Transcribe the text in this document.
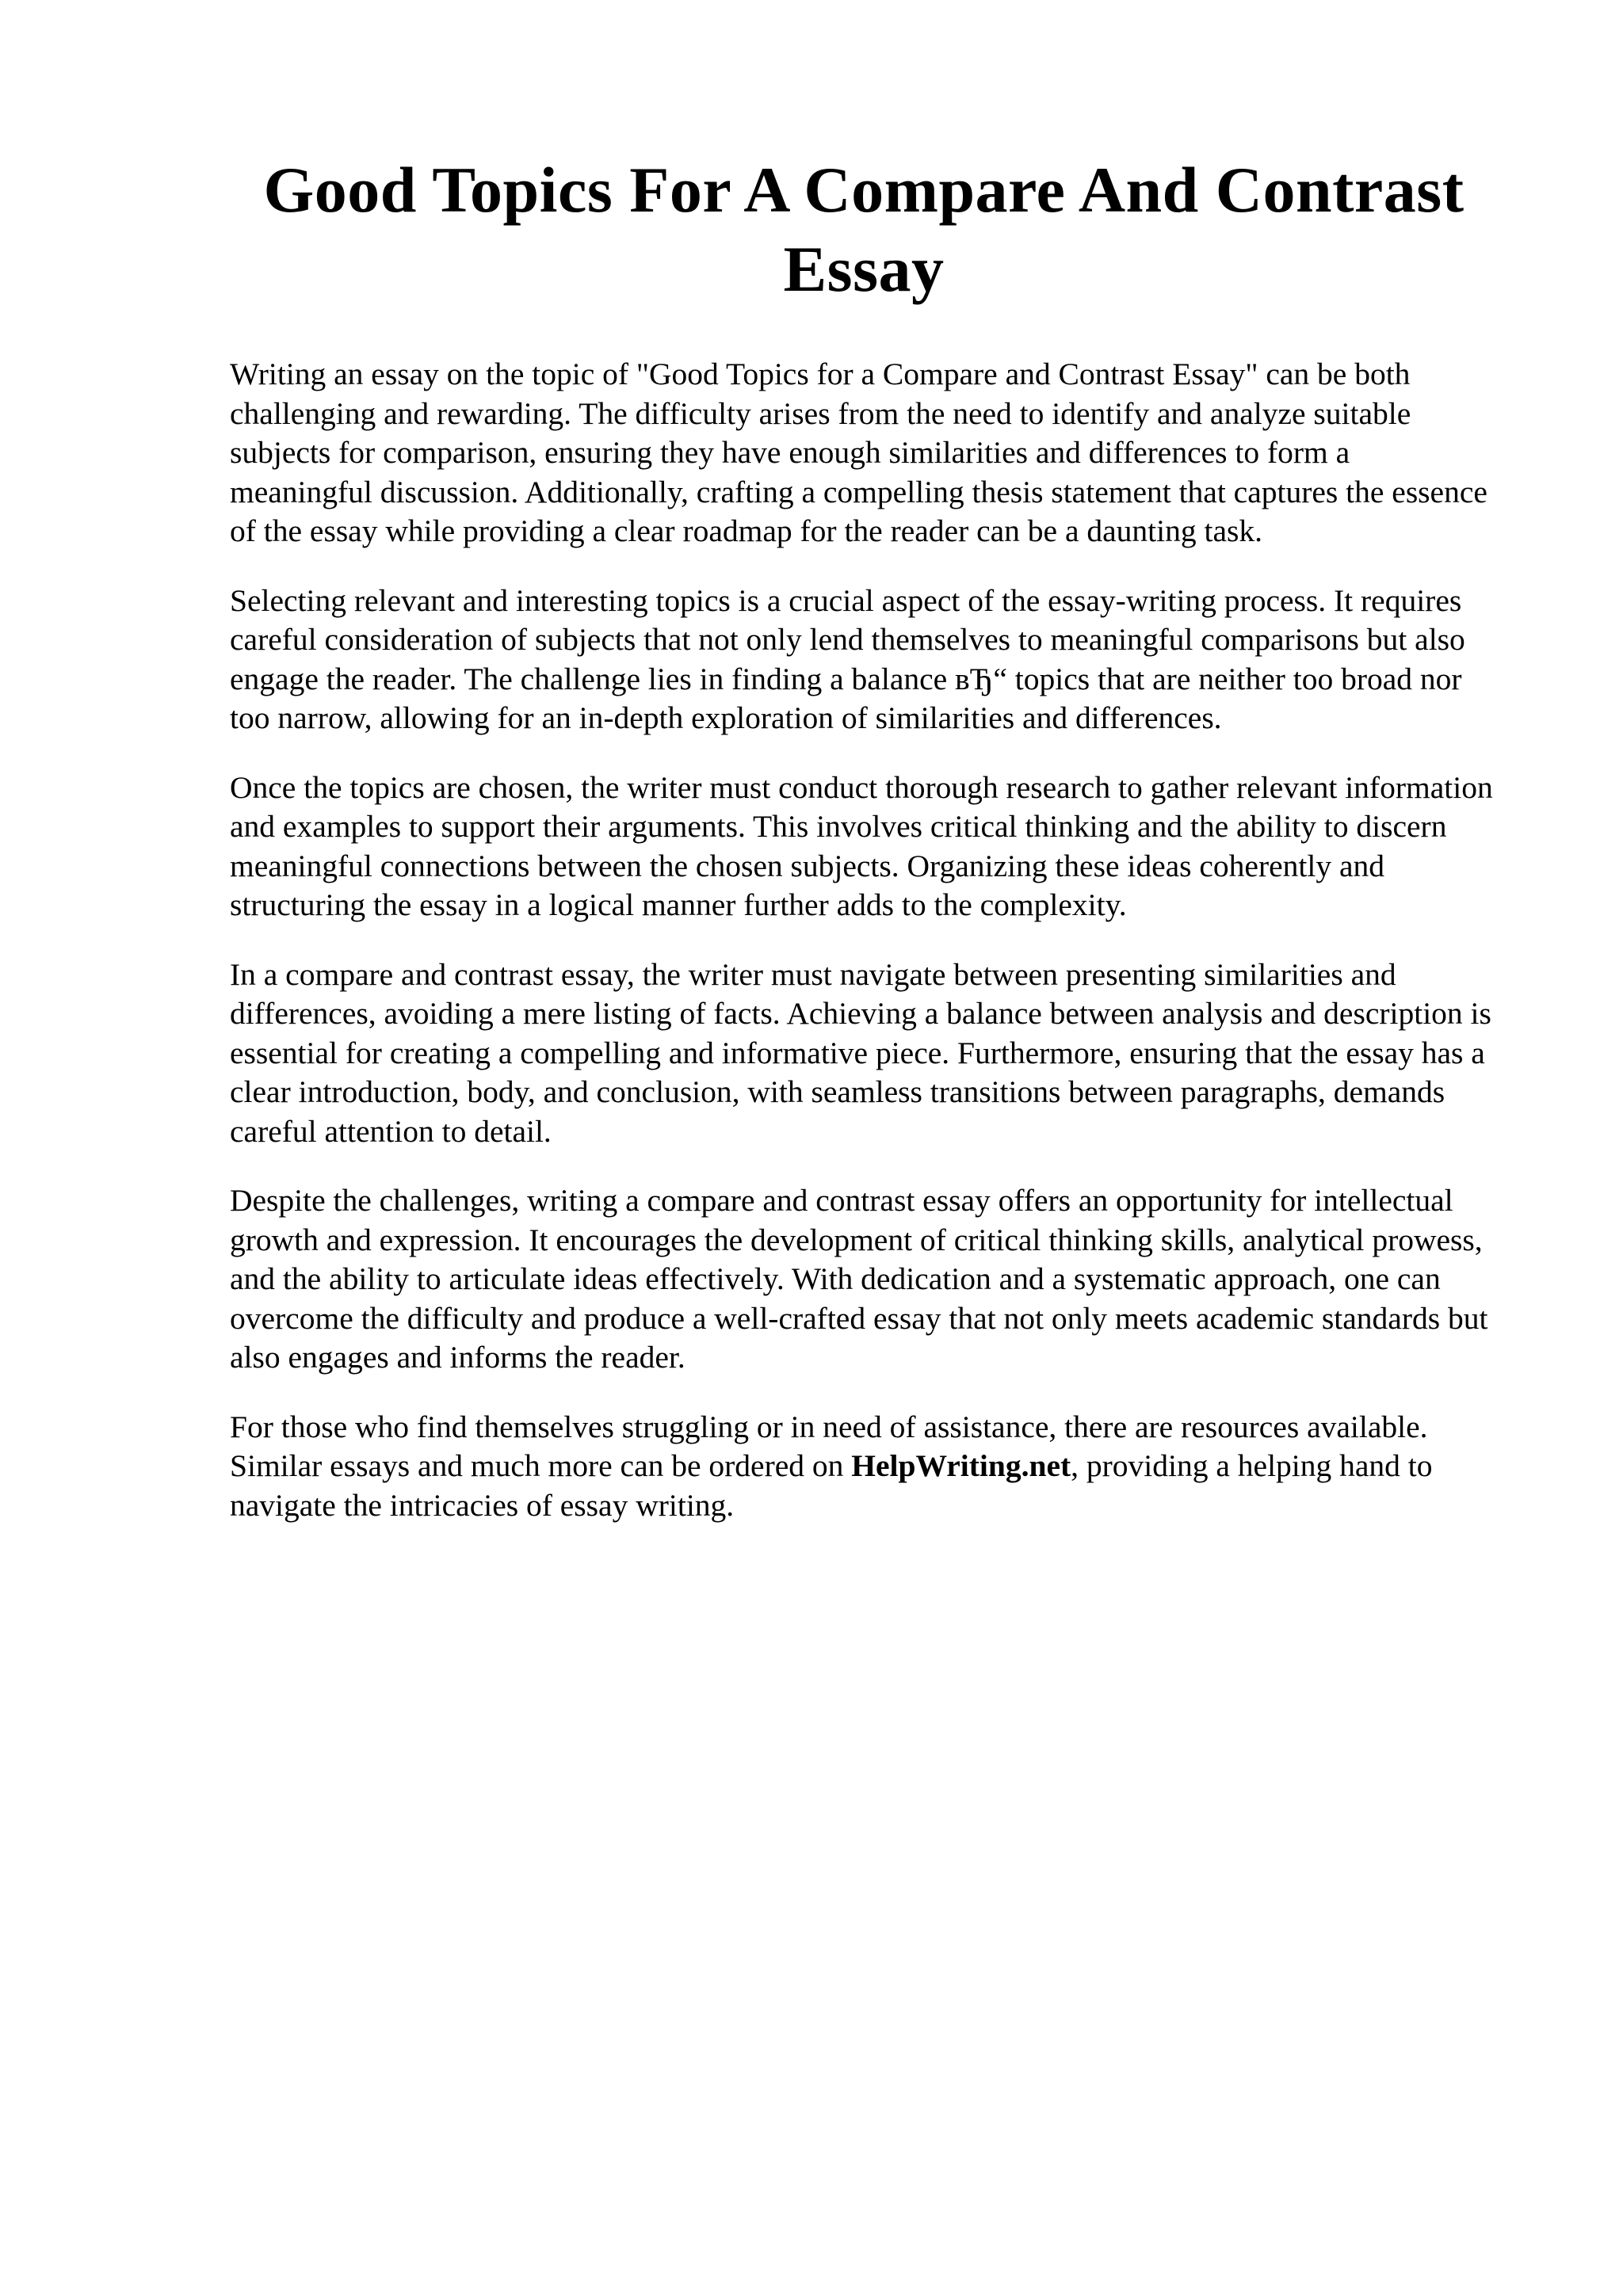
Good Topics For A Compare And Contrast Essay

Writing an essay on the topic of "Good Topics for a Compare and Contrast Essay" can be both challenging and rewarding. The difficulty arises from the need to identify and analyze suitable subjects for comparison, ensuring they have enough similarities and differences to form a meaningful discussion. Additionally, crafting a compelling thesis statement that captures the essence of the essay while providing a clear roadmap for the reader can be a daunting task.

Selecting relevant and interesting topics is a crucial aspect of the essay-writing process. It requires careful consideration of subjects that not only lend themselves to meaningful comparisons but also engage the reader. The challenge lies in finding a balance вЂ“ topics that are neither too broad nor too narrow, allowing for an in-depth exploration of similarities and differences.

Once the topics are chosen, the writer must conduct thorough research to gather relevant information and examples to support their arguments. This involves critical thinking and the ability to discern meaningful connections between the chosen subjects. Organizing these ideas coherently and structuring the essay in a logical manner further adds to the complexity.

In a compare and contrast essay, the writer must navigate between presenting similarities and differences, avoiding a mere listing of facts. Achieving a balance between analysis and description is essential for creating a compelling and informative piece. Furthermore, ensuring that the essay has a clear introduction, body, and conclusion, with seamless transitions between paragraphs, demands careful attention to detail.

Despite the challenges, writing a compare and contrast essay offers an opportunity for intellectual growth and expression. It encourages the development of critical thinking skills, analytical prowess, and the ability to articulate ideas effectively. With dedication and a systematic approach, one can overcome the difficulty and produce a well-crafted essay that not only meets academic standards but also engages and informs the reader.

For those who find themselves struggling or in need of assistance, there are resources available. Similar essays and much more can be ordered on HelpWriting.net, providing a helping hand to navigate the intricacies of essay writing.
